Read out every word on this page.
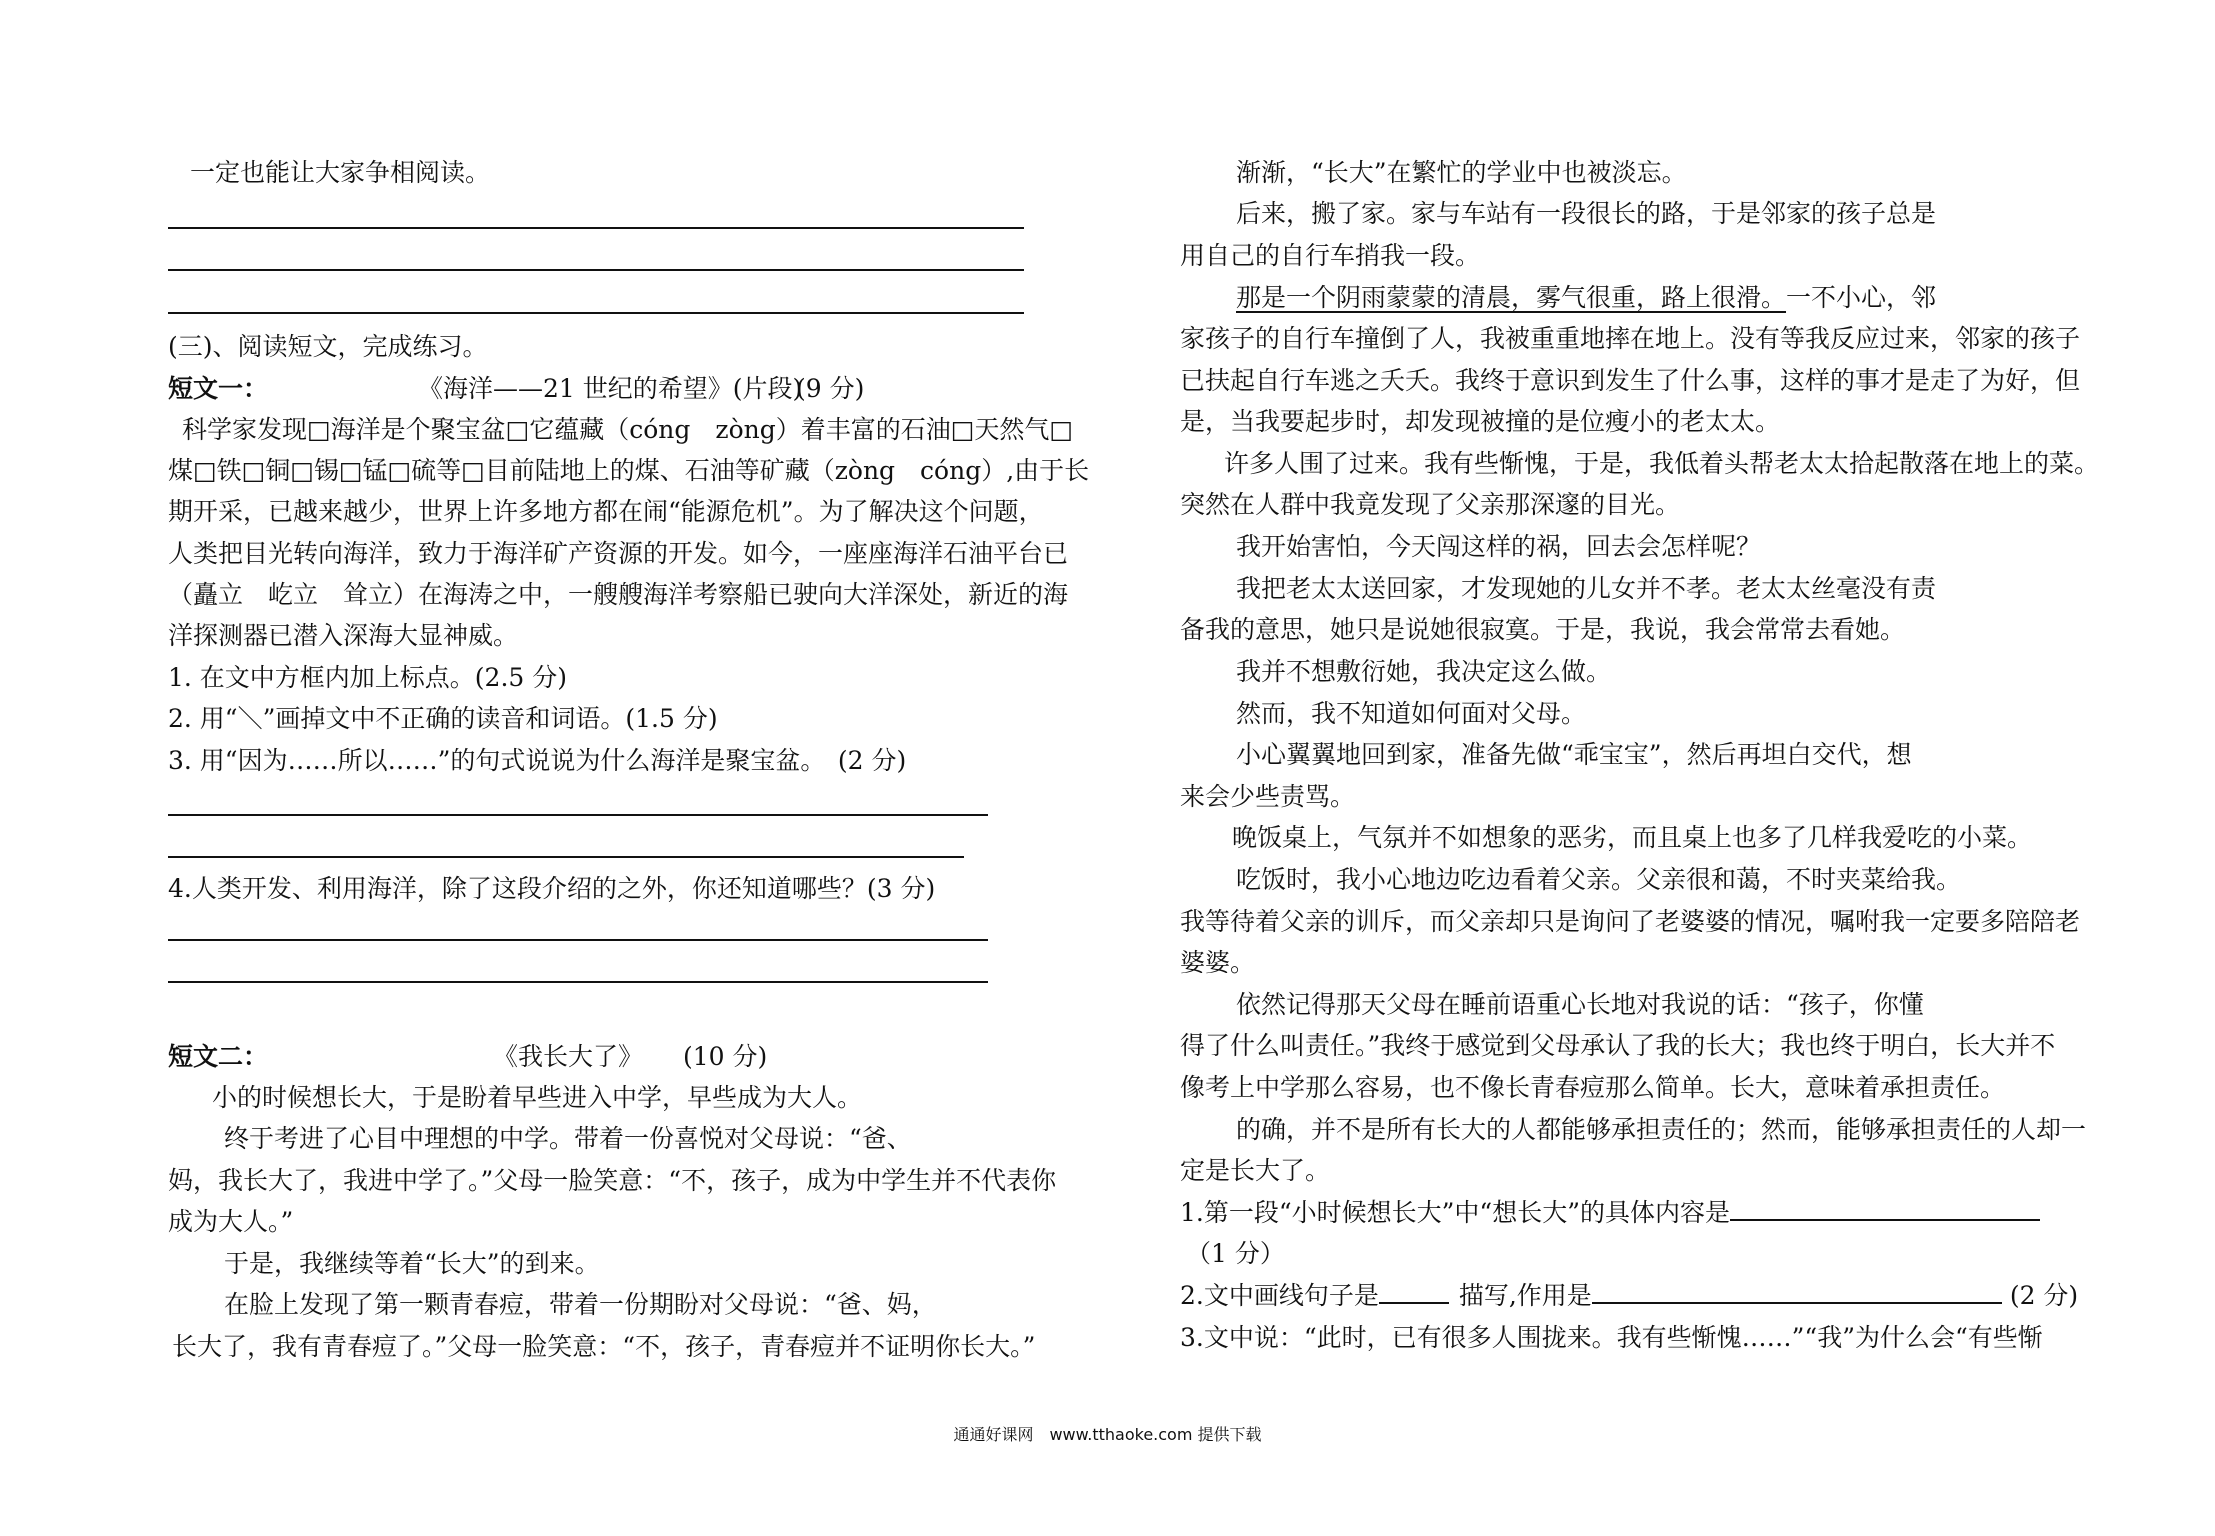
一定也能让大家争相阅读。
(三)、阅读短文，完成练习。
短文一：	《海洋——21 世纪的希望》(片段)
(9 分)
科学家发现□海洋是个聚宝盆□它蕴藏（cóng　zòng）着丰富的石油□天然气□
煤□铁□铜□锡□锰□硫等□目前陆地上的煤、石油等矿藏（zòng　cóng）,由于长
期开采，已越来越少，世界上许多地方都在闹“能源危机”。为了解决这个问题，
人类把目光转向海洋，致力于海洋矿产资源的开发。如今，一座座海洋石油平台已
（矗立　屹立　耸立）在海涛之中，一艘艘海洋考察船已驶向大洋深处，新近的海
洋探测器已潜入深海大显神威。
1. 在文中方框内加上标点。(2.5 分)
2. 用“＼”画掉文中不正确的读音和词语。(1.5 分)
3. 用“因为……所以……”的句式说说为什么海洋是聚宝盆。　(2 分)
4.人类开发、利用海洋，除了这段介绍的之外，你还知道哪些？(3 分)
短文二：	《我长大了》 (10 分)
小的时候想长大，于是盼着早些进入中学，早些成为大人。
终于考进了心目中理想的中学。带着一份喜悦对父母说：“爸、
妈，我长大了，我进中学了。”父母一脸笑意：“不，孩子，成为中学生并不代表你
成为大人。”
于是，我继续等着“长大”的到来。
在脸上发现了第一颗青春痘，带着一份期盼对父母说：“爸、妈，
长大了，我有青春痘了。”父母一脸笑意：“不，孩子，青春痘并不证明你长大。”
渐渐，“长大”在繁忙的学业中也被淡忘。
后来，搬了家。家与车站有一段很长的路，于是邻家的孩子总是
用自己的自行车捎我一段。
那是一个阴雨蒙蒙的清晨，雾气很重，路上很滑。一不小心，邻
家孩子的自行车撞倒了人，我被重重地摔在地上。没有等我反应过来，邻家的孩子
已扶起自行车逃之夭夭。我终于意识到发生了什么事，这样的事才是走了为好，但
是，当我要起步时，却发现被撞的是位瘦小的老太太。
许多人围了过来。我有些惭愧，于是，我低着头帮老太太拾起散落在地上的菜。
突然在人群中我竟发现了父亲那深邃的目光。
我开始害怕，今天闯这样的祸，回去会怎样呢？
我把老太太送回家，才发现她的儿女并不孝。老太太丝毫没有责
备我的意思，她只是说她很寂寞。于是，我说，我会常常去看她。
我并不想敷衍她，我决定这么做。
然而，我不知道如何面对父母。
小心翼翼地回到家，准备先做“乖宝宝”，然后再坦白交代，想
来会少些责骂。
晚饭桌上，气氛并不如想象的恶劣，而且桌上也多了几样我爱吃的小菜。
吃饭时，我小心地边吃边看着父亲。父亲很和蔼，不时夹菜给我。
我等待着父亲的训斥，而父亲却只是询问了老婆婆的情况，嘱咐我一定要多陪陪老
婆婆。
依然记得那天父母在睡前语重心长地对我说的话：“孩子，你懂
得了什么叫责任。”我终于感觉到父母承认了我的长大；我也终于明白，长大并不
像考上中学那么容易，也不像长青春痘那么简单。长大，意味着承担责任。
的确，并不是所有长大的人都能够承担责任的；然而，能够承担责任的人却一
定是长大了。
1.第一段“小时候想长大”中“想长大”的具体内容是
（1 分）
2.文中画线句子是	描写,作用是	(2 分)
3.文中说：“此时，已有很多人围拢来。我有些惭愧……”“我”为什么会“有些惭
通通好课网　www.tthaoke.com 提供下载
